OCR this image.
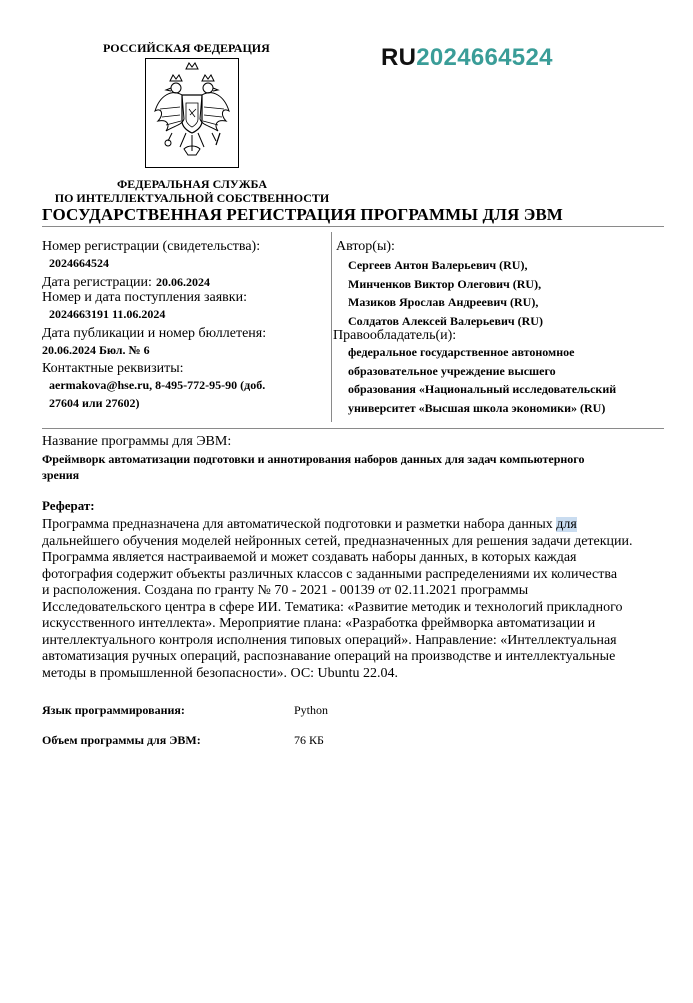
РОССИЙСКАЯ ФЕДЕРАЦИЯ
ФЕДЕРАЛЬНАЯ СЛУЖБА
ПО ИНТЕЛЛЕКТУАЛЬНОЙ СОБСТВЕННОСТИ
RU2024664524
ГОСУДАРСТВЕННАЯ РЕГИСТРАЦИЯ ПРОГРАММЫ ДЛЯ ЭВМ
Номер регистрации (свидетельства):
2024664524
Дата регистрации: 20.06.2024
Номер и дата поступления заявки:
2024663191 11.06.2024
Дата публикации и номер бюллетеня:
20.06.2024 Бюл. № 6
Контактные реквизиты:
aermakova@hse.ru, 8-495-772-95-90 (доб.
27604 или 27602)
Автор(ы):
Сергеев Антон Валерьевич (RU),
Минченков Виктор Олегович (RU),
Мазиков Ярослав Андреевич (RU),
Солдатов Алексей Валерьевич (RU)
Правообладатель(и):
федеральное государственное автономное
образовательное учреждение высшего
образования «Национальный исследовательский
университет «Высшая школа экономики» (RU)
Название программы для ЭВМ:
Фреймворк автоматизации подготовки и аннотирования наборов данных для задач компьютерного
зрения
Реферат:
Программа предназначена для автоматической подготовки и разметки набора данных для
дальнейшего обучения моделей нейронных сетей, предназначенных для решения задачи детекции.
Программа является настраиваемой и может создавать наборы данных, в которых каждая
фотография содержит объекты различных классов с заданными распределениями их количества
и расположения. Создана по гранту № 70 - 2021 - 00139 от 02.11.2021 программы
Исследовательского центра в сфере ИИ. Тематика: «Развитие методик и технологий прикладного
искусственного интеллекта». Мероприятие плана: «Разработка фреймворка автоматизации и
интеллектуального контроля исполнения типовых операций». Направление: «Интеллектуальная
автоматизация ручных операций, распознавание операций на производстве и интеллектуальные
методы в промышленной безопасности». ОС: Ubuntu 22.04.
Язык программирования:	Python
Объем программы для ЭВМ:	76 КБ
